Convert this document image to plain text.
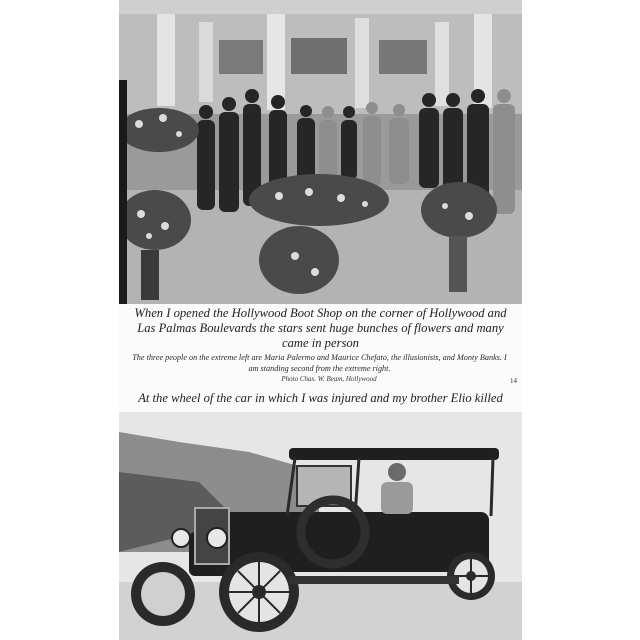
When I opened the Hollywood Boot Shop on the corner of Hollywood and Las Palmas Boulevards the stars sent huge bunches of flowers and many came in person
The three people on the extreme left are Maria Palermo and Maurice Chefato, the illusionists, and Monty Banks. I am standing second from the extreme right.
Photo Chas. W. Beam, Hollywood	14
At the wheel of the car in which I was injured and my brother Elio killed
